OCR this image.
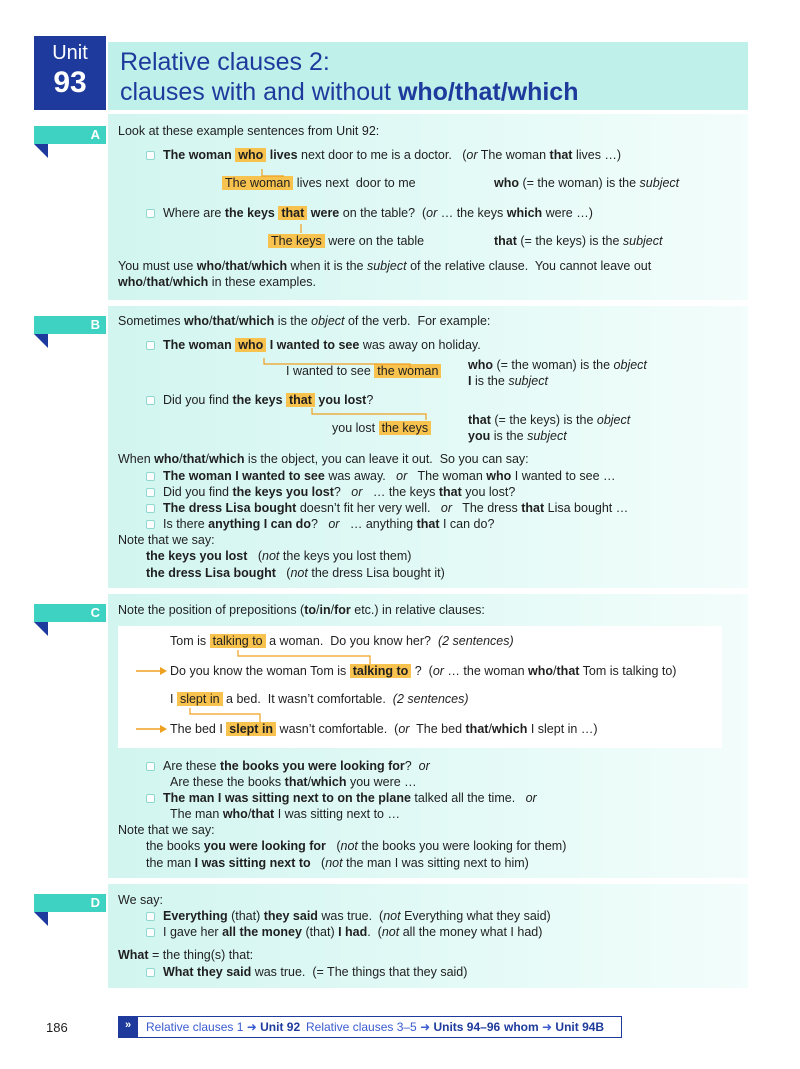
Unit
93
Relative clauses 2:
clauses with and without who/that/which
A	Look at these example sentences from Unit 92:
The woman who lives next door to me is a doctor.   (or The woman that lives …)
The woman lives next  door to me	who (= the woman) is the subject
Where are the keys that were on the table?  (or … the keys which were …)
The keys were on the table	that (= the keys) is the subject
You must use who/that/which when it is the subject of the relative clause.  You cannot leave out
who/that/which in these examples.
B	Sometimes who/that/which is the object of the verb.  For example:
The woman who I wanted to see was away on holiday.
I wanted to see the woman who (= the woman) is the object
I is the subject
Did you find the keys that you lost?
you lost the keys
that (= the keys) is the object
you is the subject
When who/that/which is the object, you can leave it out.  So you can say:
The woman I wanted to see was away.   or   The woman who I wanted to see …
Did you find the keys you lost?   or   … the keys that you lost?
The dress Lisa bought doesn’t fit her very well.   or   The dress that Lisa bought …
Is there anything I can do?   or   … anything that I can do?
Note that we say:
the keys you lost   (not the keys you lost them)
the dress Lisa bought   (not the dress Lisa bought it)
C	Note the position of prepositions (to/in/for etc.) in relative clauses:
Tom is talking to a woman.  Do you know her?  (2 sentences)
Do you know the woman Tom is talking to ?  (or … the woman who/that Tom is talking to)
I slept in a bed.  It wasn’t comfortable.  (2 sentences)
The bed I slept in wasn’t comfortable.  (or  The bed that/which I slept in …)
Are these the books you were looking for?  or
Are these the books that/which you were …
The man I was sitting next to on the plane talked all the time.   or
The man who/that I was sitting next to …
Note that we say:
the books you were looking for   (not the books you were looking for them)
the man I was sitting next to   (not the man I was sitting next to him)
D	We say:
Everything (that) they said was true.  (not Everything what they said)
I gave her all the money (that) I had.  (not all the money what I had)
What = the thing(s) that:
What they said was true.  (= The things that they said)
186	»	Relative clauses 1 ➜ Unit 92 Relative clauses 3–5 ➜ Units 94–96 whom ➜ Unit 94B
